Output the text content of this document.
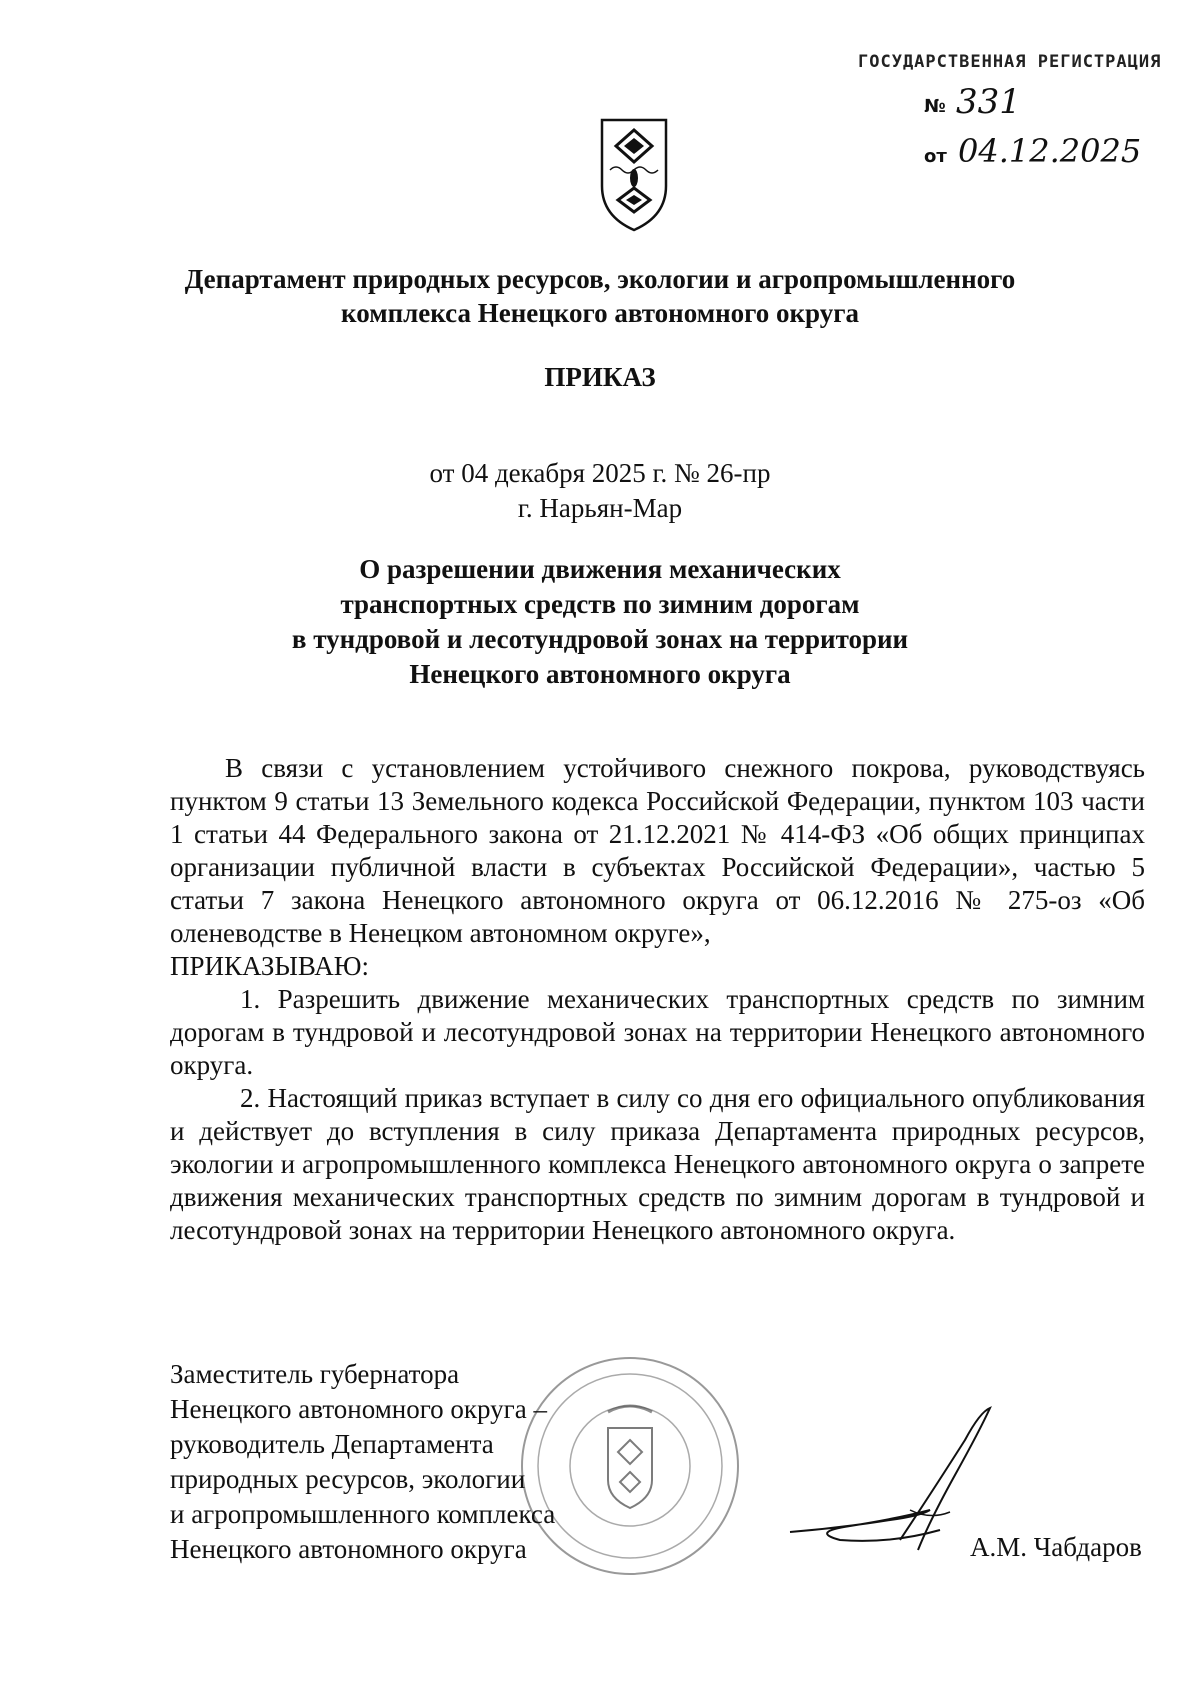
ГОСУДАРСТВЕННАЯ РЕГИСТРАЦИЯ
№ 331
от 04.12.2025
Департамент природных ресурсов, экологии и агропромышленного
комплекса Ненецкого автономного округа
ПРИКАЗ
от 04 декабря 2025 г. № 26-пр
г. Нарьян-Мар
О разрешении движения механических
транспортных средств по зимним дорогам
в тундровой и лесотундровой зонах на территории
Ненецкого автономного округа

В связи с установлением устойчивого снежного покрова, руководствуясь пунктом 9 статьи 13 Земельного кодекса Российской Федерации, пунктом 103 части 1 статьи 44 Федерального закона от 21.12.2021 № 414-ФЗ «Об общих принципах организации публичной власти в субъектах Российской Федерации», частью 5 статьи 7 закона Ненецкого автономного округа от 06.12.2016 № 275-оз «Об оленеводстве в Ненецком автономном округе»,

ПРИКАЗЫВАЮ:

1. Разрешить движение механических транспортных средств по зимним дорогам в тундровой и лесотундровой зонах на территории Ненецкого автономного округа.

2. Настоящий приказ вступает в силу со дня его официального опубликования и действует до вступления в силу приказа Департамента природных ресурсов, экологии и агропромышленного комплекса Ненецкого автономного округа о запрете движения механических транспортных средств по зимним дорогам в тундровой и лесотундровой зонах на территории Ненецкого автономного округа.

Заместитель губернатора
Ненецкого автономного округа –
руководитель Департамента
природных ресурсов, экологии
и агропромышленного комплекса
Ненецкого автономного округа	А.М. Чабдаров
